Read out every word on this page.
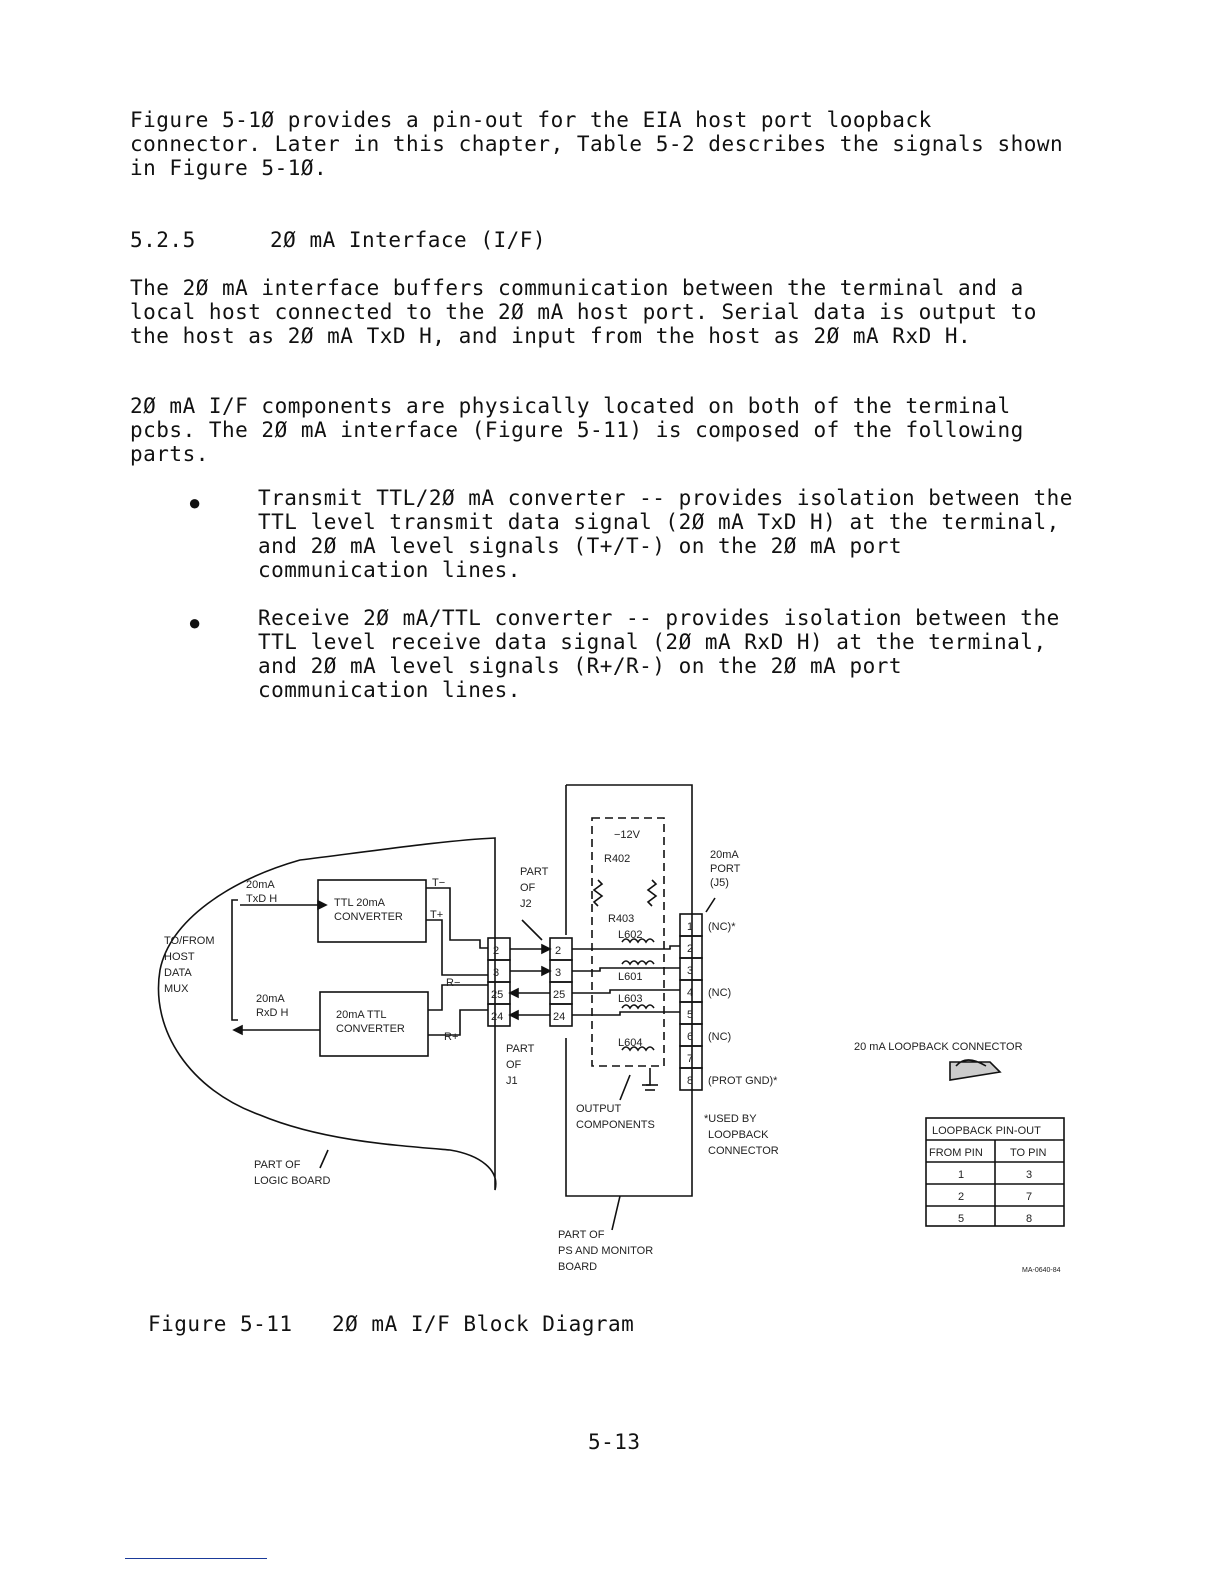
Figure 5-1Ø provides a pin-out for the EIA host port loopback connector. Later in this chapter, Table 5-2 describes the signals shown in Figure 5-1Ø.
5.2.5	2Ø mA Interface (I/F)
The 2Ø mA interface buffers communication between the terminal and a local host connected to the 2Ø mA host port. Serial data is output to the host as 2Ø mA TxD H, and input from the host as 2Ø mA RxD H.
2Ø mA I/F components are physically located on both of the terminal pcbs. The 2Ø mA interface (Figure 5-11) is composed of the following parts.
●	Transmit TTL/2Ø mA converter -- provides isolation between the TTL level transmit data signal (2Ø mA TxD H) at the terminal, and 2Ø mA level signals (T+/T-) on the 2Ø mA port communication lines.
●	Receive 2Ø mA/TTL converter -- provides isolation between the TTL level receive data signal (2Ø mA RxD H) at the terminal, and 2Ø mA level signals (R+/R-) on the 2Ø mA port communication lines.
TO/FROM
HOST
DATA
MUX
20mA
TxD H
20mA
RxD H
TTL 20mA
CONVERTER
20mA TTL
CONVERTER
T−
T+
R−
R+
2
3
25
24
2
3
25
24
PART
OF
J2
PART
OF
J1
−12V
R402
R403
L602
L601
L603
L604
20mA
PORT
(J5)
1
2
3
4
5
6
7
8
(NC)*
(NC)
(NC)
(PROT GND)*
*USED BY
LOOPBACK
CONNECTOR
OUTPUT
COMPONENTS
PART OF
LOGIC BOARD
PART OF
PS AND MONITOR
BOARD
20 mA LOOPBACK CONNECTOR
LOOPBACK PIN-OUT
FROM PIN TO PIN
1	3
2	7
5	8
MA-0640-84
Figure 5-11   2Ø mA I/F Block Diagram
5-13
